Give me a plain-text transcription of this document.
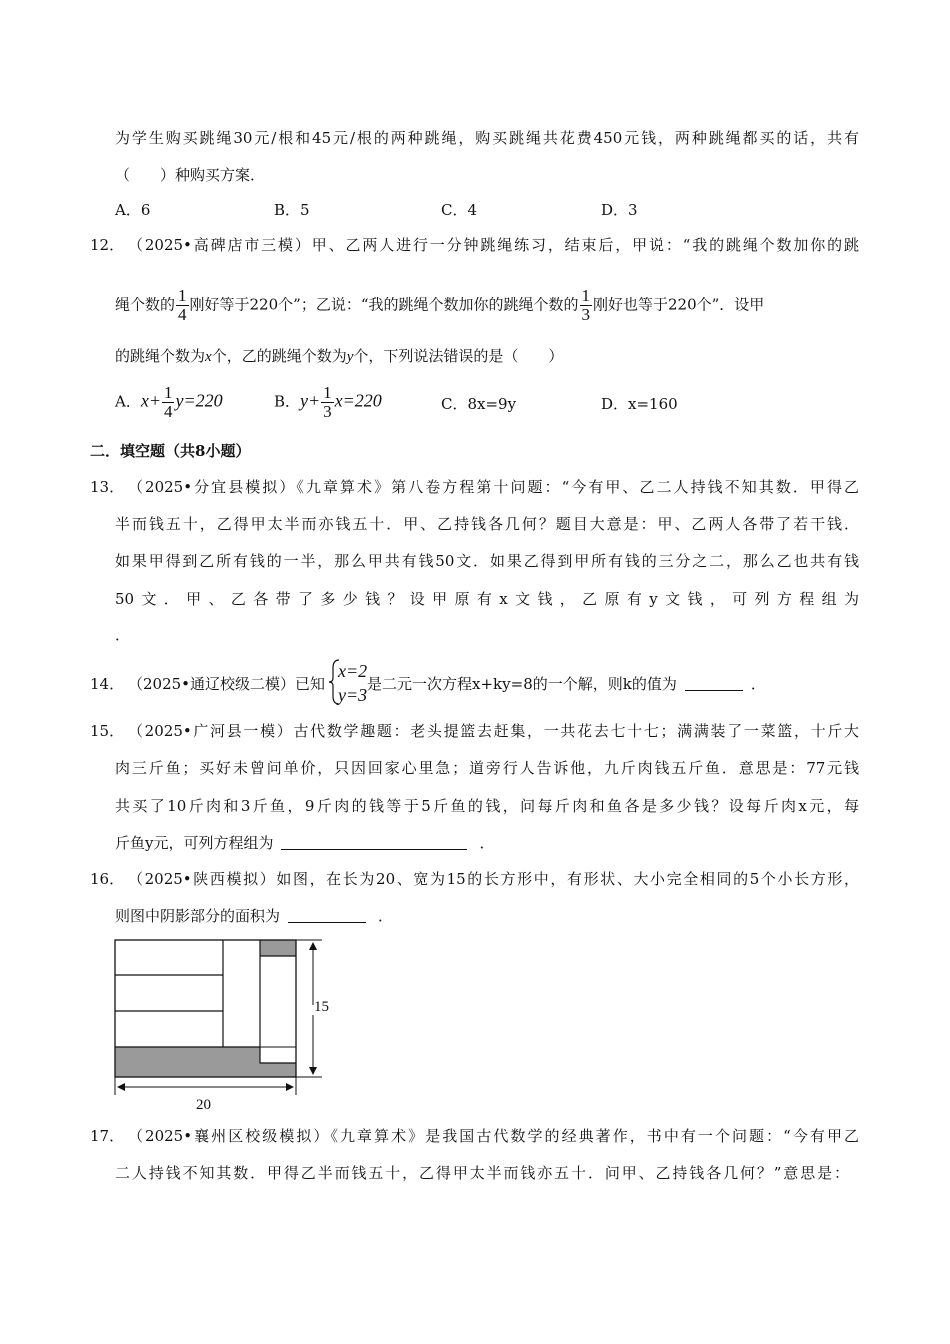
为学生购买跳绳30元/根和45元/根的两种跳绳，购买跳绳共花费450元钱，两种跳绳都买的话，共有
（　　）种购买方案．
A．6	B．5	C．4	D．3
12． （2025•高碑店市三模）甲、乙两人进行一分钟跳绳练习，结束后，甲说：“我的跳绳个数加你的跳
绳个数的 $\frac{1}{4}$ 刚好等于220个”；乙说：“我的跳绳个数加你的跳绳个数的 $\frac{1}{3}$ 刚好也等于220个”．设甲
的跳绳个数为x个，乙的跳绳个数为y个，下列说法错误的是（　　）
A．$x+ \frac{1}{4} y=220$	B．$y+ \frac{1}{3} x=220$	C．8x=9y	D．x=160
二．填空题（共8小题）
13． （2025•分宜县模拟）《九章算术》第八卷方程第十问题：“今有甲、乙二人持钱不知其数．甲得乙
半而钱五十，乙得甲太半而亦钱五十．甲、乙持钱各几何？题目大意是：甲、乙两人各带了若干钱．
如果甲得到乙所有钱的一半，那么甲共有钱50文．如果乙得到甲所有钱的三分之二，那么乙也共有钱
50文．甲、乙各带了多少钱？设甲原有x文钱，乙原有y文钱，可列方程组为
．
14． （2025•通辽校级二模）已知	是二元一次方程x+ky=8的一个解，则k的值为	．
x=2
y=3
15． （2025•广河县一模）古代数学趣题：老头提篮去赶集，一共花去七十七；满满装了一菜篮，十斤大
肉三斤鱼；买好未曾问单价，只因回家心里急；道旁行人告诉他，九斤肉钱五斤鱼．意思是：77元钱
共买了10斤肉和3斤鱼，9斤肉的钱等于5斤鱼的钱，问每斤肉和鱼各是多少钱？设每斤肉x元，每
斤鱼y元，可列方程组为	．
16． （2025•陕西模拟）如图，在长为20、宽为15的长方形中，有形状、大小完全相同的5个小长方形，
则图中阴影部分的面积为	．
15
20
17． （2025•襄州区校级模拟）《九章算术》是我国古代数学的经典著作，书中有一个问题：“今有甲乙
二人持钱不知其数．甲得乙半而钱五十，乙得甲太半而钱亦五十．问甲、乙持钱各几何？”意思是：
